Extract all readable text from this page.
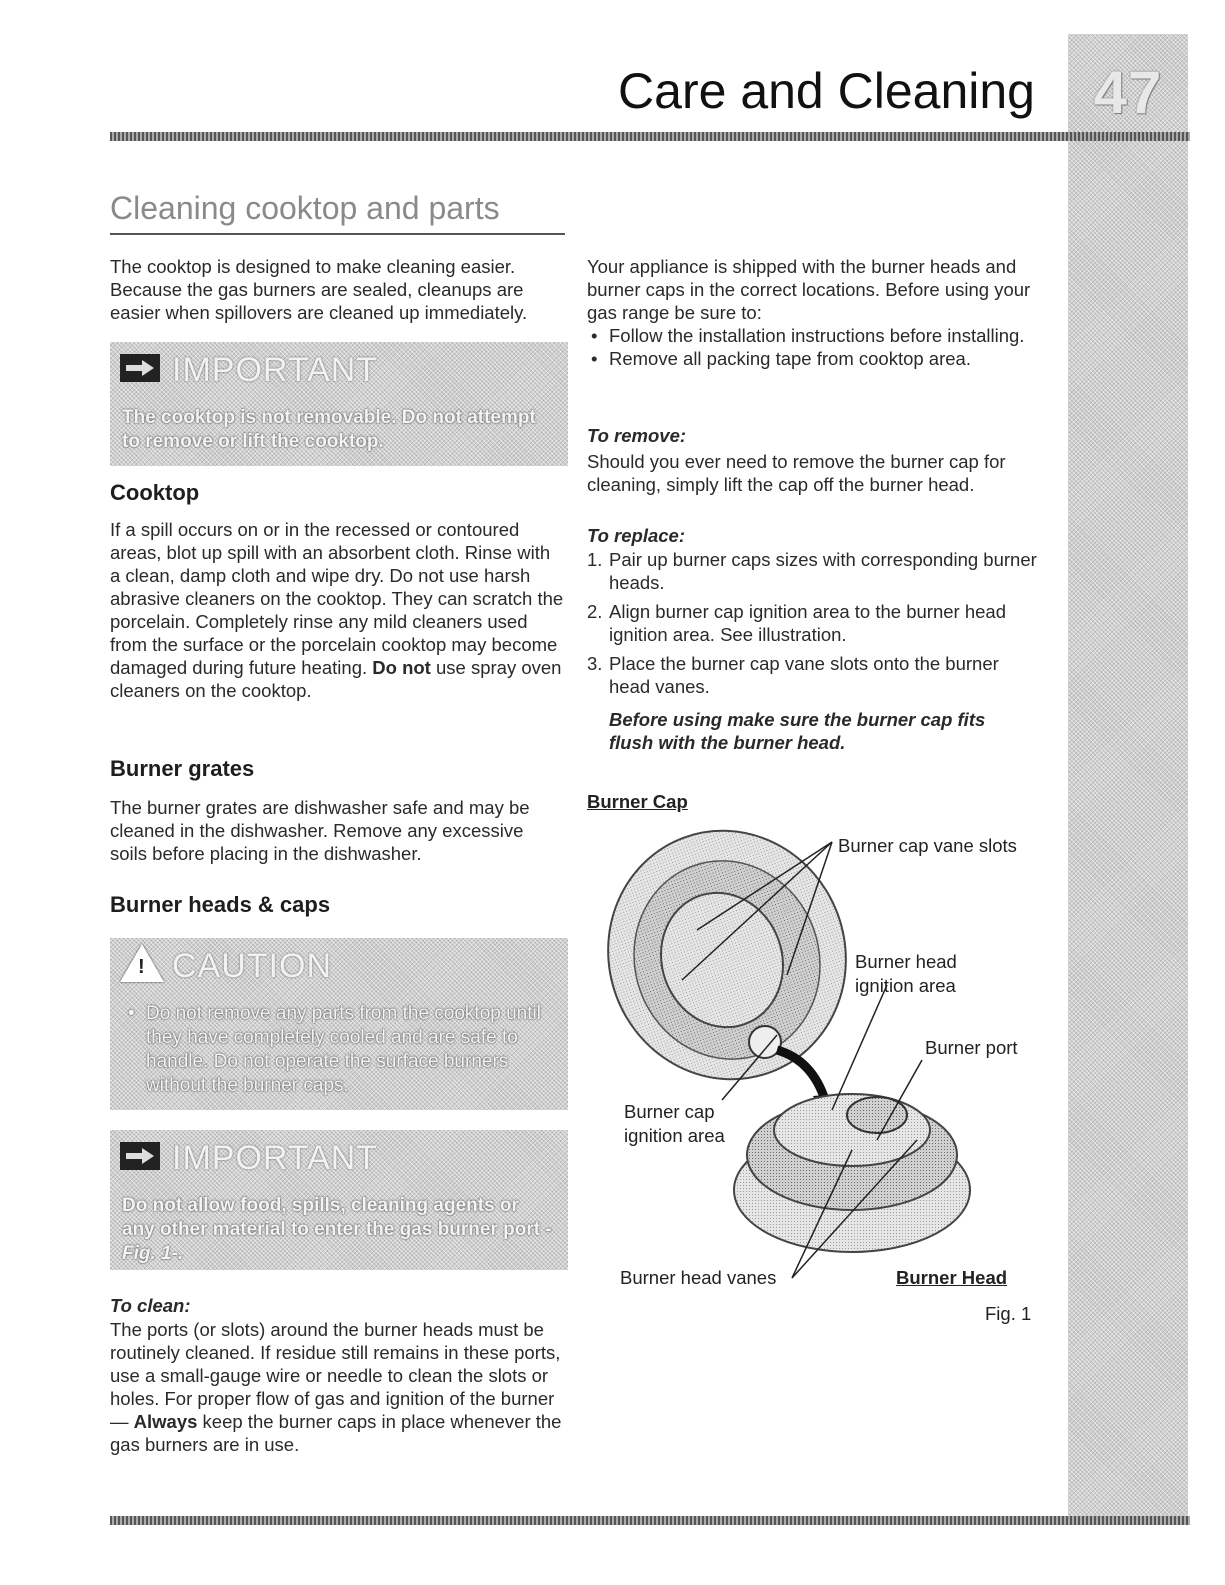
47
Care and Cleaning
Cleaning cooktop and parts

The cooktop is designed to make cleaning easier. Because the gas burners are sealed, cleanups are easier when spillovers are cleaned up immediately.

IMPORTANT
The cooktop is not removable. Do not attempt to remove or lift the cooktop.
Cooktop

If a spill occurs on or in the recessed or contoured areas, blot up spill with an absorbent cloth. Rinse with a clean, damp cloth and wipe dry. Do not use harsh abrasive cleaners on the cooktop. They can scratch the porcelain. Completely rinse any mild cleaners used from the surface or the porcelain cooktop may become damaged during future heating. Do not use spray oven cleaners on the cooktop.

Burner grates

The burner grates are dishwasher safe and may be cleaned in the dishwasher. Remove any excessive soils before placing in the dishwasher.

Burner heads & caps
! CAUTION
• Do not remove any parts from the cooktop until they have completely cooled and are safe to handle. Do not operate the surface burners without the burner caps.
IMPORTANT
Do not allow food, spills, cleaning agents or any other material to enter the gas burner port -Fig. 1-.
To clean:

The ports (or slots) around the burner heads must be routinely cleaned. If residue still remains in these ports, use a small-gauge wire or needle to clean the slots or holes. For proper flow of gas and ignition of the burner— Always keep the burner caps in place whenever the gas burners are in use.

Your appliance is shipped with the burner heads and burner caps in the correct locations. Before using your gas range be sure to:

• Follow the installation instructions before installing.
• Remove all packing tape from cooktop area.
To remove:

Should you ever need to remove the burner cap for cleaning, simply lift the cap off the burner head.

To replace:
1. Pair up burner caps sizes with corresponding burner heads.
2. Align burner cap ignition area to the burner head ignition area. See illustration.
3. Place the burner cap vane slots onto the burner head vanes.

Before using make sure the burner cap fits flush with the burner head.

Burner Cap
Burner cap vane slots
Burner head
ignition area
Burner port
Burner cap
ignition area
Burner head vanes	Burner Head
Fig. 1
